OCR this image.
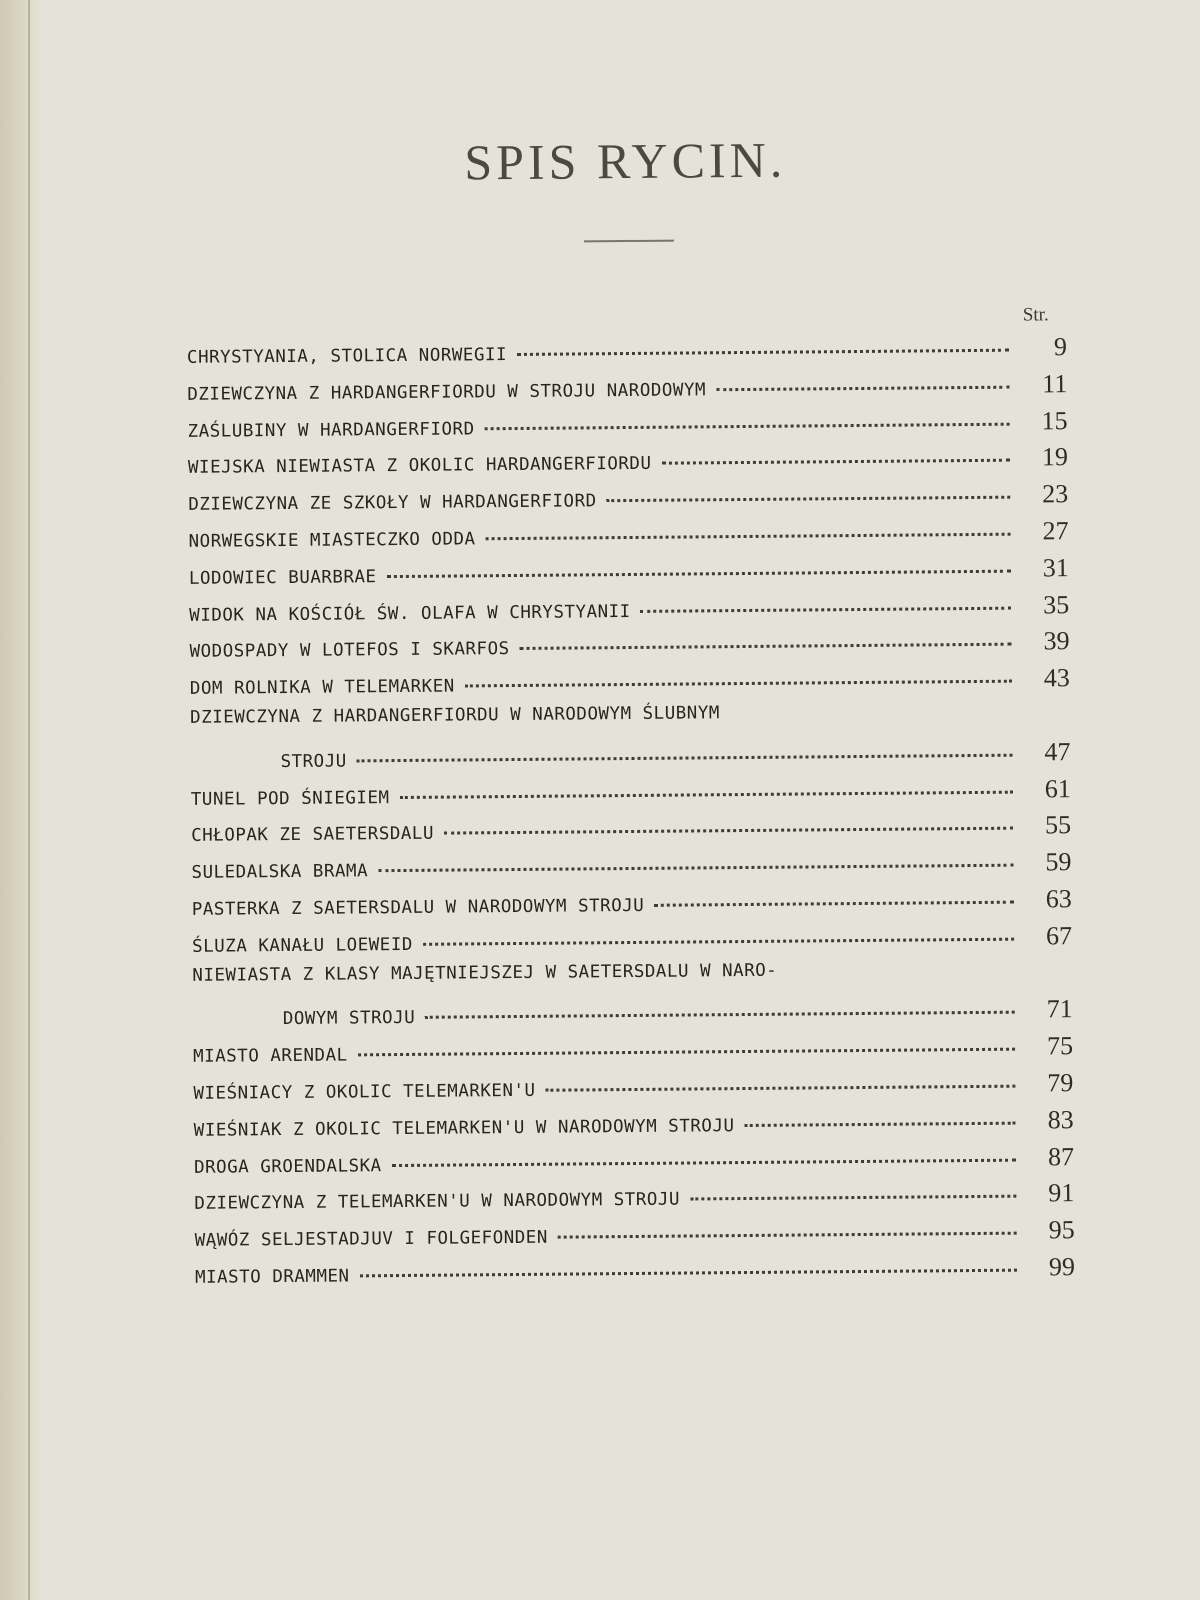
SPIS RYCIN.
Str.
CHRYSTYANIA, STOLICA NORWEGII	9
DZIEWCZYNA Z HARDANGERFIORDU W STROJU NARODOWYM	11
ZAŚLUBINY W HARDANGERFIORD	15
WIEJSKA NIEWIASTA Z OKOLIC HARDANGERFIORDU	19
DZIEWCZYNA ZE SZKOŁY W HARDANGERFIORD	23
NORWEGSKIE MIASTECZKO ODDA	27
LODOWIEC BUARBRAE	31
WIDOK NA KOŚCIÓŁ ŚW. OLAFA W CHRYSTYANII	35
WODOSPADY W LOTEFOS I SKARFOS	39
DOM ROLNIKA W TELEMARKEN	43
DZIEWCZYNA Z HARDANGERFIORDU W NARODOWYM ŚLUBNYM
STROJU	47
TUNEL POD ŚNIEGIEM	61
CHŁOPAK ZE SAETERSDALU	55
SULEDALSKA BRAMA	59
PASTERKA Z SAETERSDALU W NARODOWYM STROJU	63
ŚLUZA KANAŁU LOEWEID	67
NIEWIASTA Z KLASY MAJĘTNIEJSZEJ W SAETERSDALU W NARO-
DOWYM STROJU	71
MIASTO ARENDAL	75
WIEŚNIACY Z OKOLIC TELEMARKEN'U	79
WIEŚNIAK Z OKOLIC TELEMARKEN'U W NARODOWYM STROJU	83
DROGA GROENDALSKA	87
DZIEWCZYNA Z TELEMARKEN'U W NARODOWYM STROJU	91
WĄWÓZ SELJESTADJUV I FOLGEFONDEN	95
MIASTO DRAMMEN	99
